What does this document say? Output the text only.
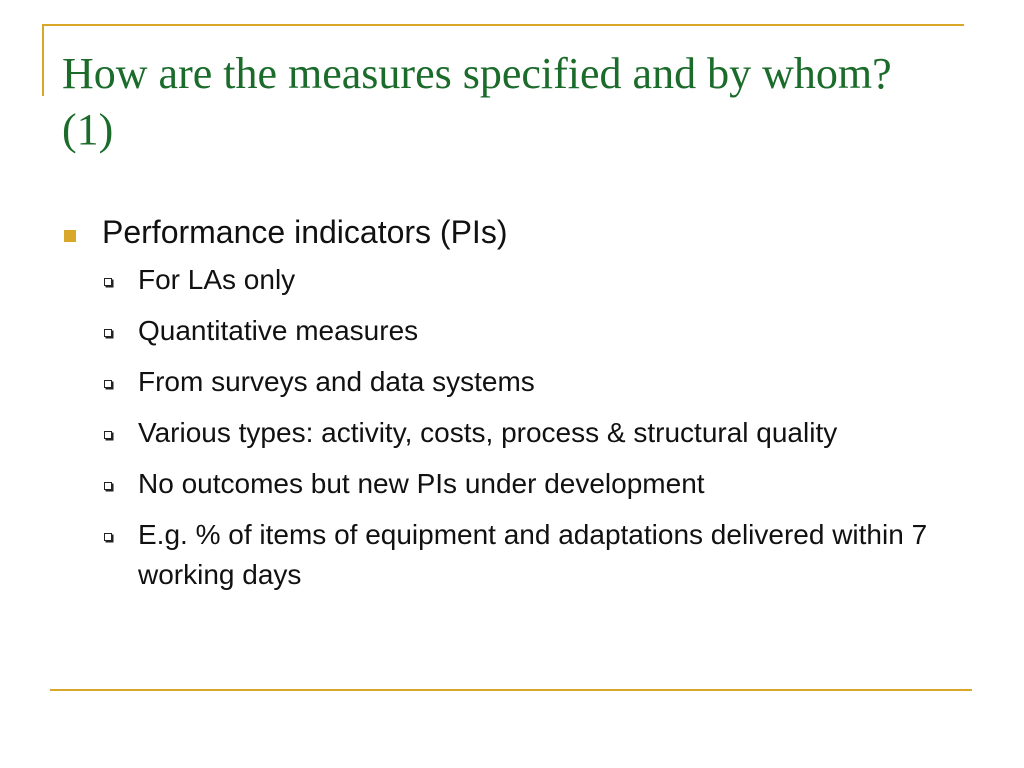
How are the measures specified and by whom? (1)
Performance indicators (PIs)
For LAs only
Quantitative measures
From surveys and data systems
Various types: activity, costs, process & structural quality
No outcomes but new PIs under development
E.g. % of items of equipment and adaptations delivered within 7 working days
